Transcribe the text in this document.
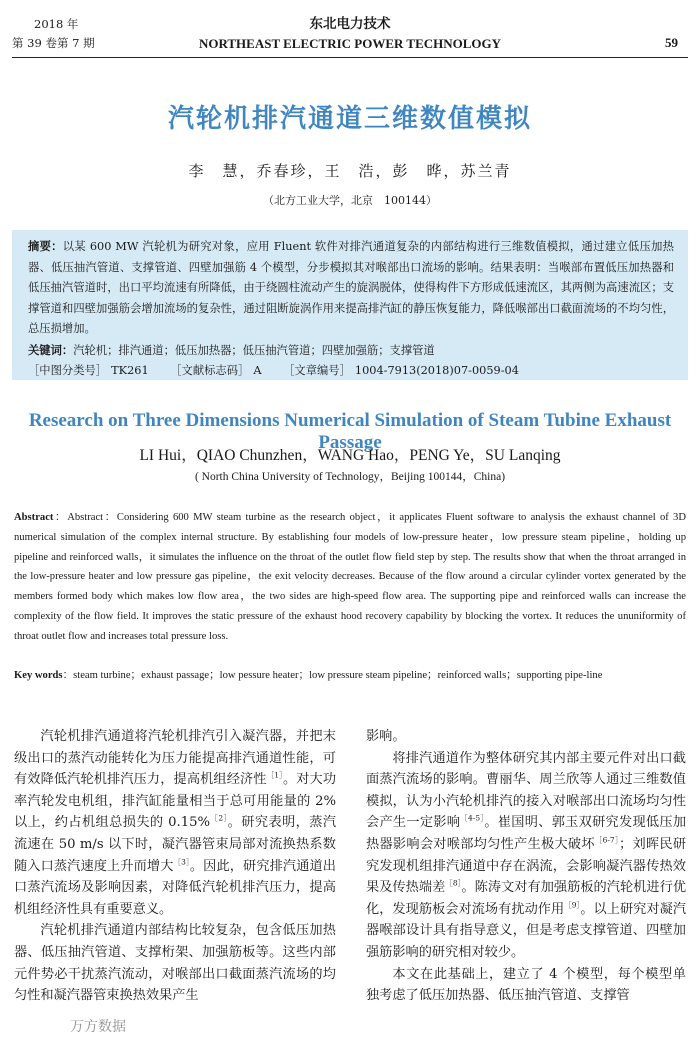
2018 年
第 39 卷第 7 期
东北电力技术
NORTHEAST ELECTRIC POWER TECHNOLOGY	59
汽轮机排汽通道三维数值模拟
李　慧，乔春珍，王　浩，彭　晔，苏兰青
（北方工业大学，北京　100144）
摘要：以某 600 MW 汽轮机为研究对象，应用 Fluent 软件对排汽通道复杂的内部结构进行三维数值模拟，通过建立低压加热器、低压抽汽管道、支撑管道、四壁加强筋 4 个模型，分步模拟其对喉部出口流场的影响。结果表明：当喉部布置低压加热器和低压抽汽管道时，出口平均流速有所降低，由于绕圆柱流动产生的旋涡脱体，使得构件下方形成低速流区，其两侧为高速流区；支撑管道和四壁加强筋会增加流场的复杂性，通过阻断旋涡作用来提高排汽缸的静压恢复能力，降低喉部出口截面流场的不均匀性，总压损增加。
关键词：汽轮机；排汽通道；低压加热器；低压抽汽管道；四壁加强筋；支撑管道
［中图分类号］ TK261 ［文献标志码］ A ［文章编号］ 1004-7913(2018)07-0059-04
Research on Three Dimensions Numerical Simulation of Steam Tubine Exhaust Passage
LI Hui，QIAO Chunzhen，WANG Hao，PENG Ye，SU Lanqing
( North China University of Technology，Beijing 100144，China)
Abstract：Abstract：Considering 600 MW steam turbine as the research object，it applicates Fluent software to analysis the exhaust channel of 3D numerical simulation of the complex internal structure. By establishing four models of low-pressure heater，low pressure steam pipeline，holding up pipeline and reinforced walls，it simulates the influence on the throat of the outlet flow field step by step. The results show that when the throat arranged in the low-pressure heater and low pressure gas pipeline，the exit velocity decreases. Because of the flow around a circular cylinder vortex generated by the members formed body which makes low flow area，the two sides are high-speed flow area. The supporting pipe and reinforced walls can increase the complexity of the flow field. It improves the static pressure of the exhaust hood recovery capability by blocking the vortex. It reduces the ununiformity of throat outlet flow and increases total pressure loss.
Key words：steam turbine；exhaust passage；low pessure heater；low pressure steam pipeline；reinforced walls；supporting pipe-line

汽轮机排汽通道将汽轮机排汽引入凝汽器，并把末级出口的蒸汽动能转化为压力能提高排汽通道性能，可有效降低汽轮机排汽压力，提高机组经济性$^{[1]}$。对大功率汽轮发电机组，排汽缸能量相当于总可用能量的 2% 以上，约占机组总损失的 0.15%$^{[2]}$。研究表明，蒸汽流速在 50 m/s 以下时，凝汽器管束局部对流换热系数随入口蒸汽速度上升而增大$^{[3]}$。因此，研究排汽通道出口蒸汽流场及影响因素，对降低汽轮机排汽压力，提高机组经济性具有重要意义。

汽轮机排汽通道内部结构比较复杂，包含低压加热器、低压抽汽管道、支撑桁架、加强筋板等。这些内部元件势必干扰蒸汽流动，对喉部出口截面蒸汽流场的均匀性和凝汽器管束换热效果产生

影响。

将排汽通道作为整体研究其内部主要元件对出口截面蒸汽流场的影响。曹丽华、周兰欣等人通过三维数值模拟，认为小汽轮机排汽的接入对喉部出口流场均匀性会产生一定影响$^{[4-5]}$。崔国明、郭玉双研究发现低压加热器影响会对喉部均匀性产生极大破坏$^{[6-7]}$；刘晖民研究发现机组排汽通道中存在涡流，会影响凝汽器传热效果及传热端差$^{[8]}$。陈涛文对有加强筋板的汽轮机进行优化，发现筋板会对流场有扰动作用$^{[9]}$。以上研究对凝汽器喉部设计具有指导意义，但是考虑支撑管道、四壁加强筋影响的研究相对较少。

本文在此基础上，建立了 4 个模型，每个模型单独考虑了低压加热器、低压抽汽管道、支撑管

万方数据
